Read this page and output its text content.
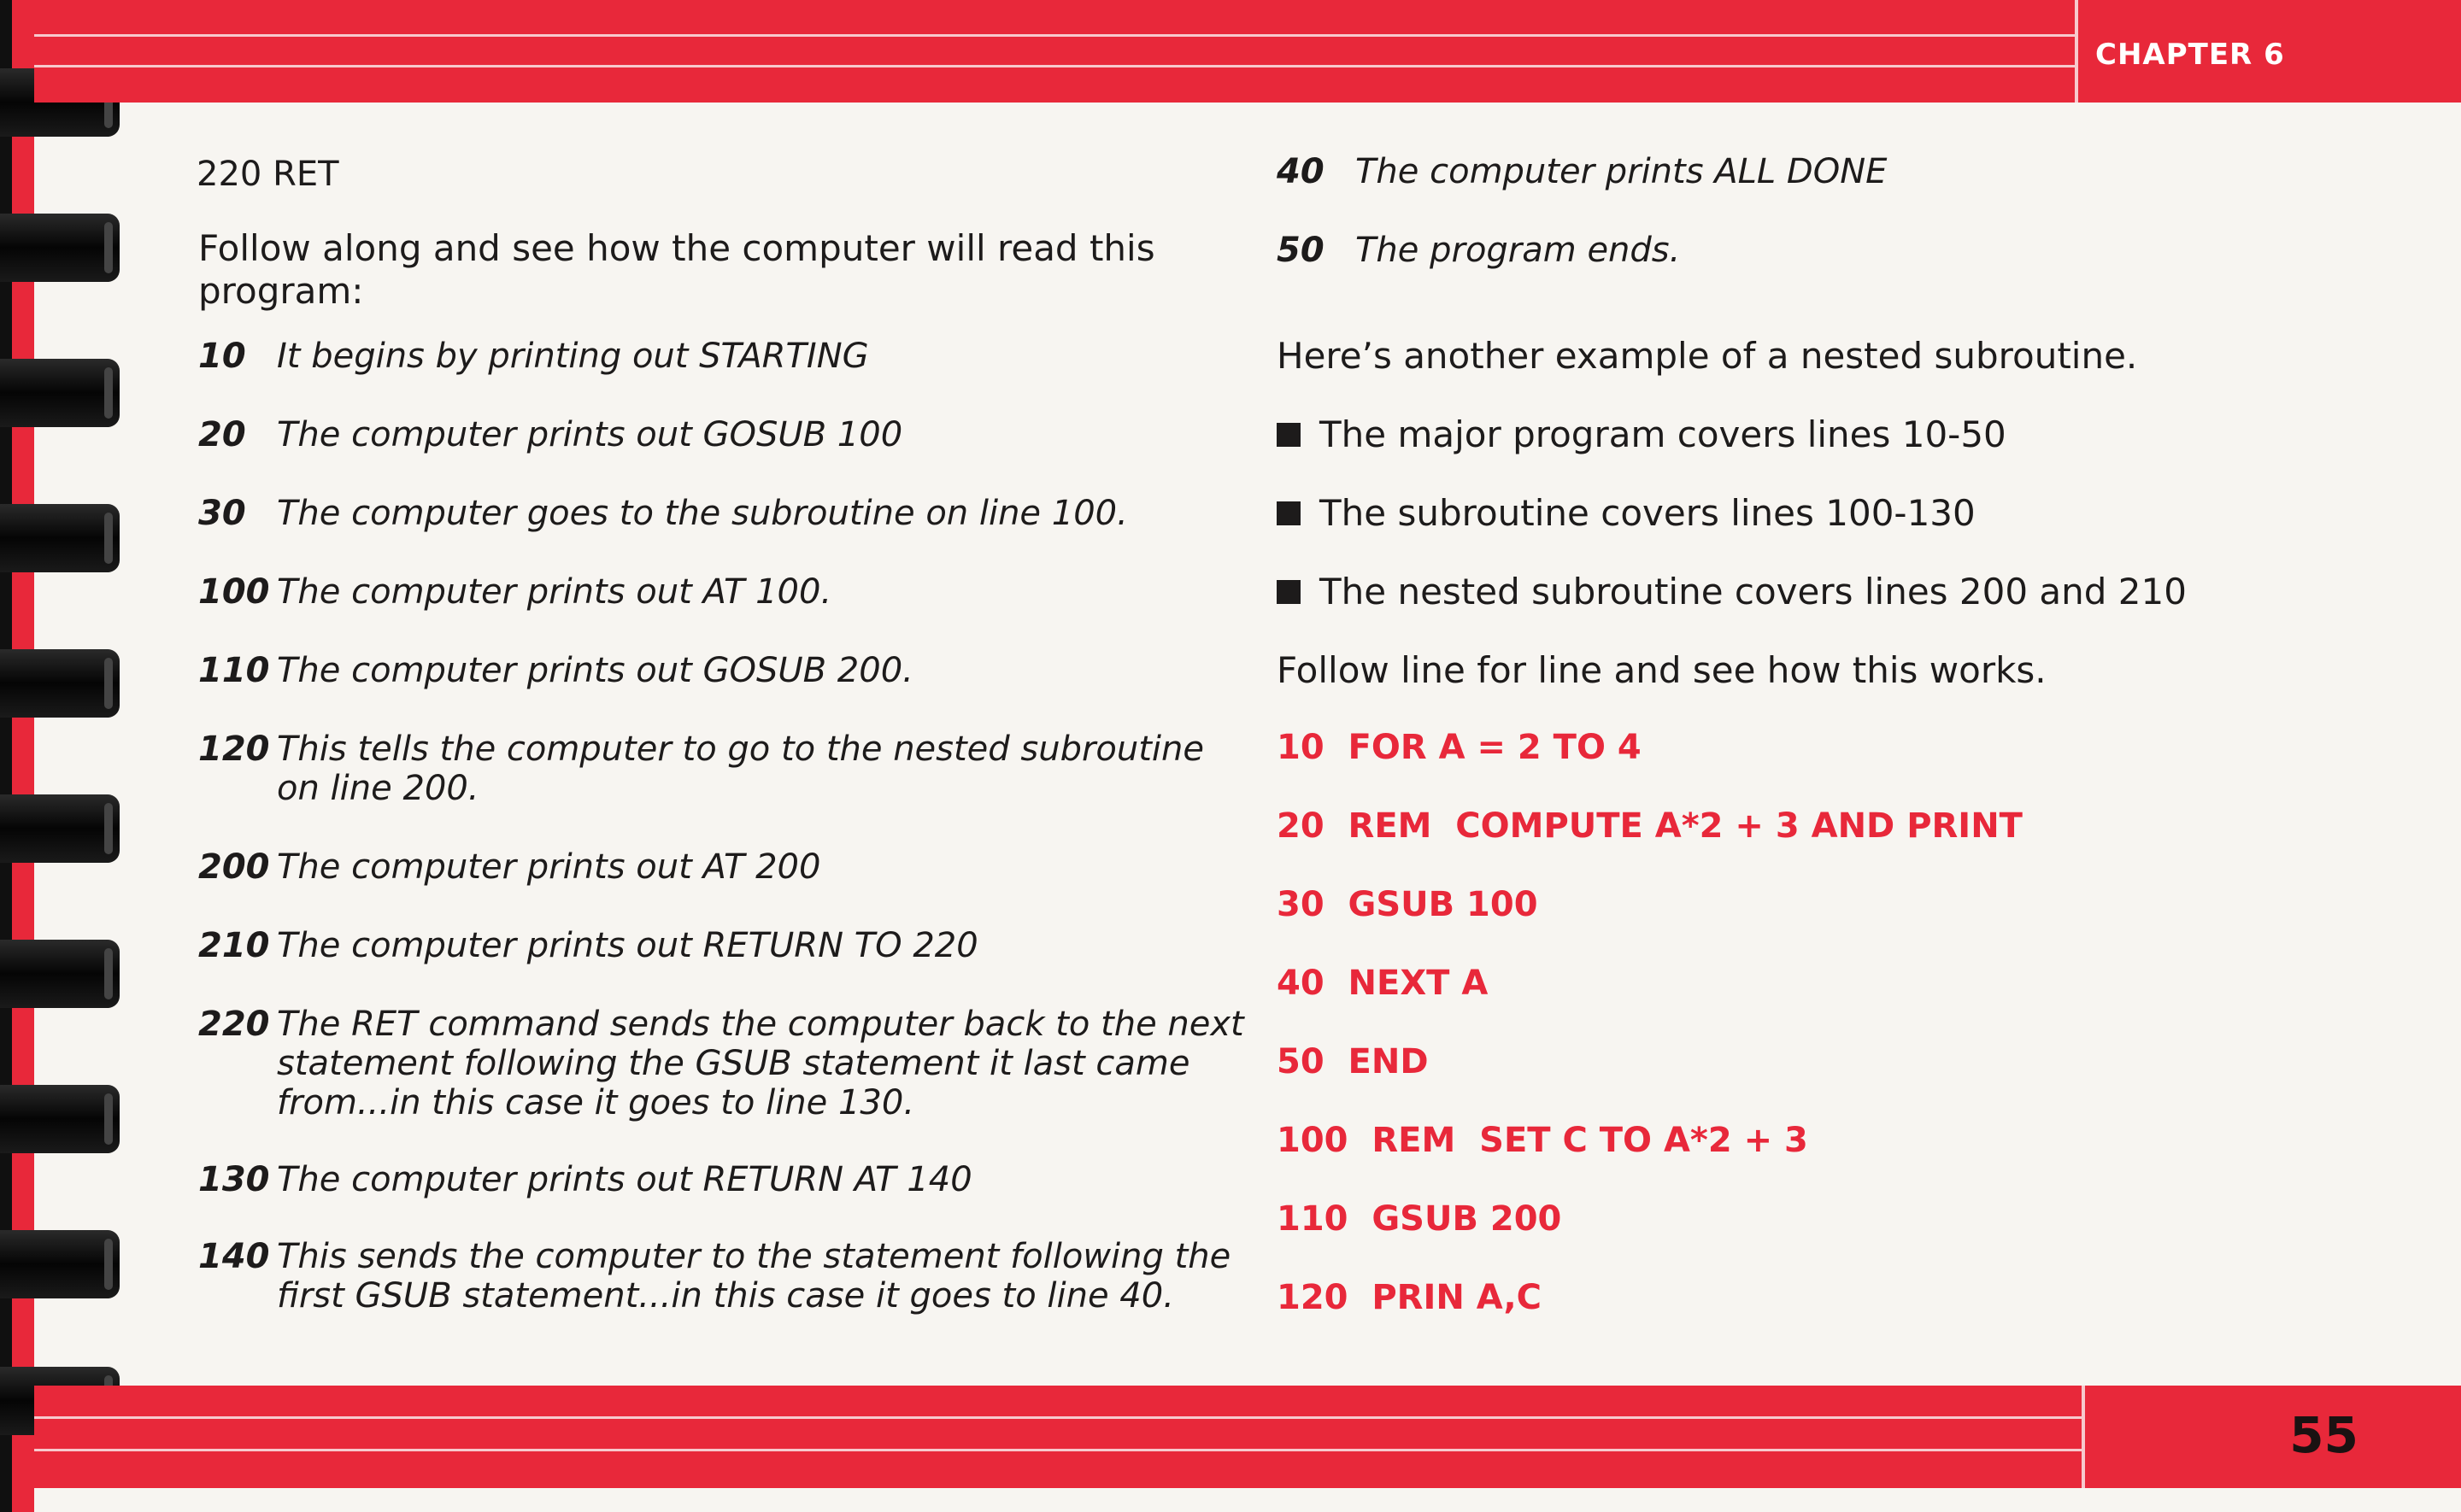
CHAPTER 6
55
220 RET
Follow along and see how the computer will read this program:
10 It begins by printing out STARTING
20 The computer prints out GOSUB 100
30 The computer goes to the subroutine on line 100.
100 The computer prints out AT 100.
110 The computer prints out GOSUB 200.
120 This tells the computer to go to the nested subroutine on line 200.
200 The computer prints out AT 200
210 The computer prints out RETURN TO 220
220 The RET command sends the computer back to the next statement following the GSUB statement it last came from...in this case it goes to line 130.
130 The computer prints out RETURN AT 140
140 This sends the computer to the statement following the first GSUB statement...in this case it goes to line 40.
40 The computer prints ALL DONE
50 The program ends.
Here’s another example of a nested subroutine.
The major program covers lines 10-50
The subroutine covers lines 100-130
The nested subroutine covers lines 200 and 210
Follow line for line and see how this works.
10  FOR A = 2 TO 4
20  REM  COMPUTE A*2 + 3 AND PRINT
30  GSUB 100
40  NEXT A
50  END
100  REM  SET C TO A*2 + 3
110  GSUB 200
120  PRIN A,C
